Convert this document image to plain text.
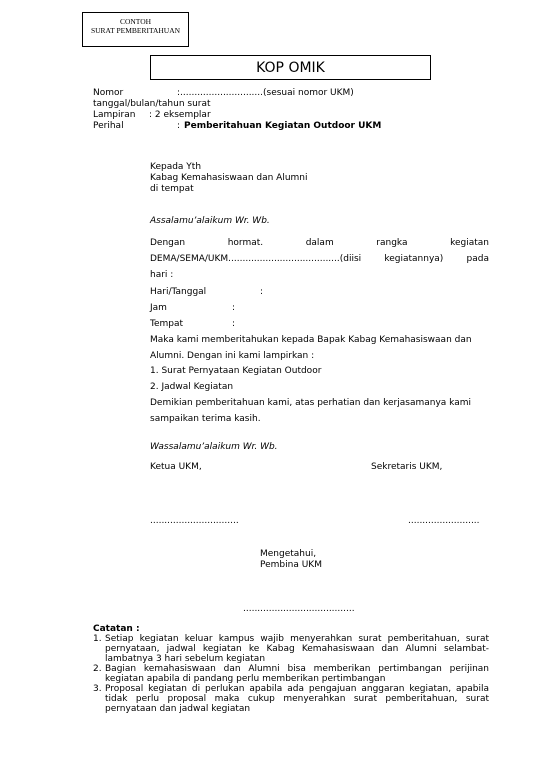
CONTOH
SURAT PEMBERITAHUAN
KOP OMIK
Nomor	:.............................(sesuai nomor UKM)
tanggal/bulan/tahun surat
Lampiran : 2 eksemplar
Perihal	: Pemberitahuan Kegiatan Outdoor UKM
Kepada Yth
Kabag Kemahasiswaan dan Alumni
di tempat
Assalamu’alaikum Wr. Wb.
Dengan	hormat.	dalam	rangka	kegiatan
DEMA/SEMA/UKM.......................................(diisi	kegiatannya)	pada
hari :
Hari/Tanggal	:
Jam	:
Tempat	:
Maka kami memberitahukan kepada Bapak Kabag Kemahasiswaan dan
Alumni. Dengan ini kami lampirkan :
1. Surat Pernyataan Kegiatan Outdoor
2. Jadwal Kegiatan
Demikian pemberitahuan kami, atas perhatian dan kerjasamanya kami
sampaikan terima kasih.
Wassalamu’alaikum Wr. Wb.
Ketua UKM,	Sekretaris UKM,
...............................	.........................
Mengetahui,
Pembina UKM
.......................................
Catatan :
1. Setiap kegiatan keluar kampus wajib menyerahkan surat pemberitahuan, surat pernyataan, jadwal kegiatan ke Kabag Kemahasiswaan dan Alumni selambat-lambatnya 3 hari sebelum kegiatan
2. Bagian kemahasiswaan dan Alumni bisa memberikan pertimbangan perijinan kegiatan apabila di pandang perlu memberikan pertimbangan
3. Proposal kegiatan di perlukan apabila ada pengajuan anggaran kegiatan, apabila tidak perlu proposal maka cukup menyerahkan surat pemberitahuan, surat pernyataan dan jadwal kegiatan
